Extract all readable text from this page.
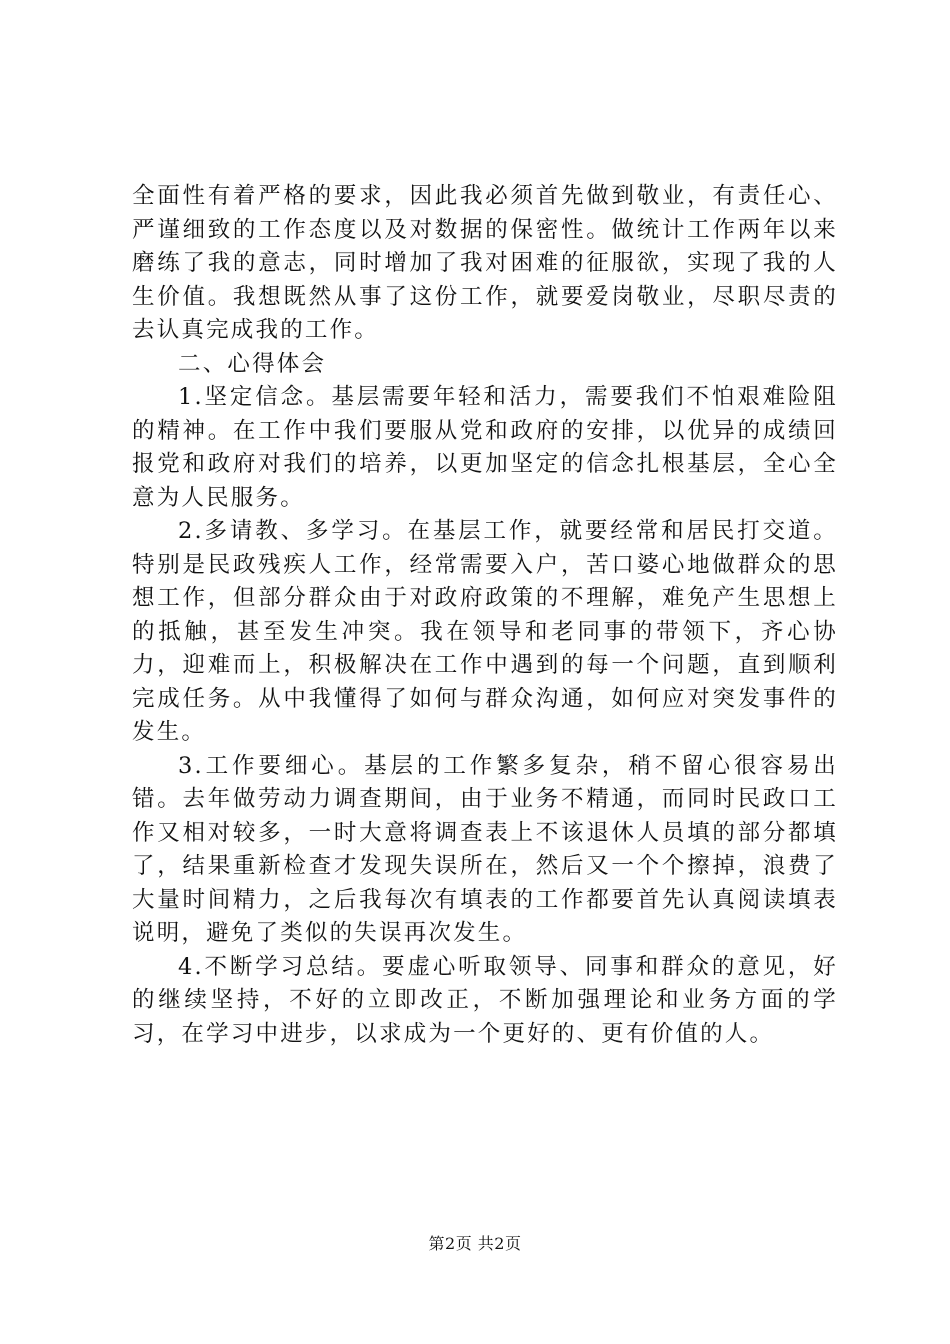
全面性有着严格的要求，因此我必须首先做到敬业，有责任心、严谨细致的工作态度以及对数据的保密性。做统计工作两年以来磨练了我的意志，同时增加了我对困难的征服欲，实现了我的人生价值。我想既然从事了这份工作，就要爱岗敬业，尽职尽责的去认真完成我的工作。

二、心得体会

1.坚定信念。基层需要年轻和活力，需要我们不怕艰难险阻的精神。在工作中我们要服从党和政府的安排，以优异的成绩回报党和政府对我们的培养，以更加坚定的信念扎根基层，全心全意为人民服务。

2.多请教、多学习。在基层工作，就要经常和居民打交道。特别是民政残疾人工作，经常需要入户，苦口婆心地做群众的思想工作，但部分群众由于对政府政策的不理解，难免产生思想上的抵触，甚至发生冲突。我在领导和老同事的带领下，齐心协力，迎难而上，积极解决在工作中遇到的每一个问题，直到顺利完成任务。从中我懂得了如何与群众沟通，如何应对突发事件的发生。

3.工作要细心。基层的工作繁多复杂，稍不留心很容易出错。去年做劳动力调查期间，由于业务不精通，而同时民政口工作又相对较多，一时大意将调查表上不该退休人员填的部分都填了，结果重新检查才发现失误所在，然后又一个个擦掉，浪费了大量时间精力，之后我每次有填表的工作都要首先认真阅读填表说明，避免了类似的失误再次发生。

4.不断学习总结。要虚心听取领导、同事和群众的意见，好的继续坚持，不好的立即改正，不断加强理论和业务方面的学习，在学习中进步，以求成为一个更好的、更有价值的人。

第2页 共2页
